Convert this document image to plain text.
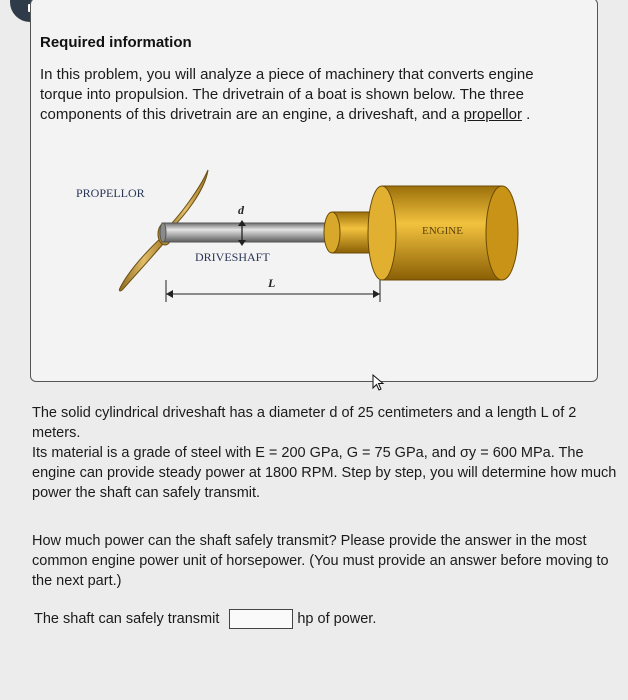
Required information
In this problem, you will analyze a piece of machinery that converts engine torque into propulsion. The drivetrain of a boat is shown below. The three components of this drivetrain are an engine, a driveshaft, and a propellor .
PROPELLOR
ENGINE
DRIVESHAFT
d
L
The solid cylindrical driveshaft has a diameter d of 25 centimeters and a length L of 2 meters.
Its material is a grade of steel with E = 200 GPa, G = 75 GPa, and σy = 600 MPa. The engine can provide steady power at 1800 RPM. Step by step, you will determine how much power the shaft can safely transmit.
How much power can the shaft safely transmit? Please provide the answer in the most common engine power unit of horsepower. (You must provide an answer before moving to the next part.)
The shaft can safely transmit	hp of power.
